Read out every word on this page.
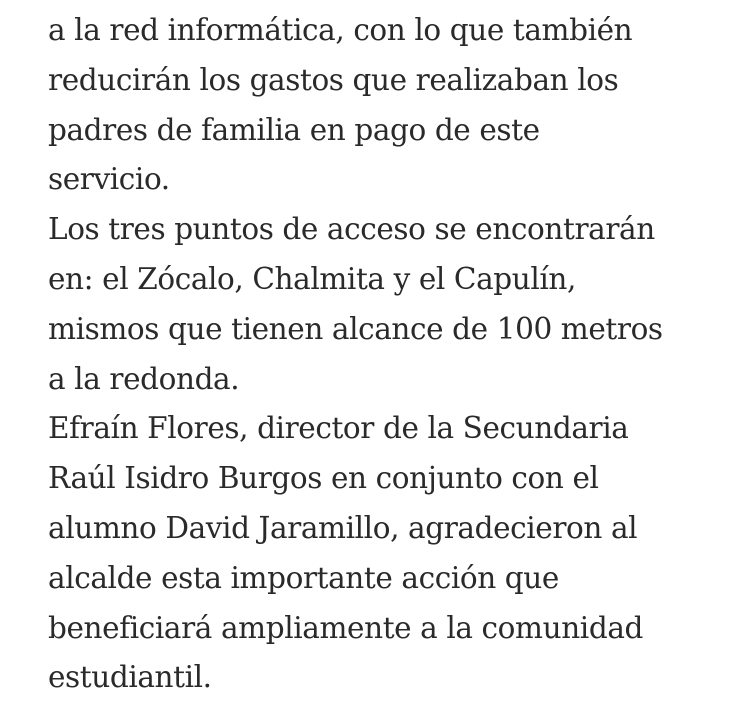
a la red informática, con lo que también
reducirán los gastos que realizaban los
padres de familia en pago de este
servicio.

Los tres puntos de acceso se encontrarán
en: el Zócalo, Chalmita y el Capulín,
mismos que tienen alcance de 100 metros
a la redonda.

Efraín Flores, director de la Secundaria
Raúl Isidro Burgos en conjunto con el
alumno David Jaramillo, agradecieron al
alcalde esta importante acción que
beneficiará ampliamente a la comunidad
estudiantil.
